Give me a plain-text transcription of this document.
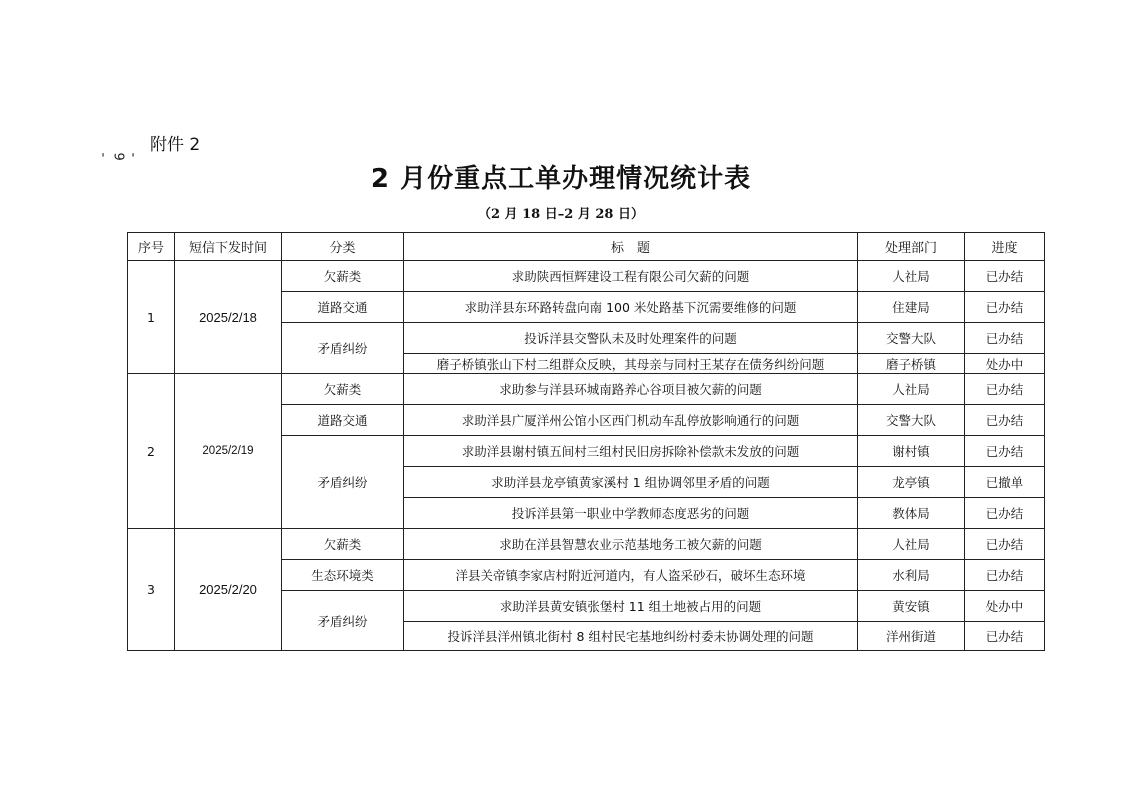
- 9 -
附件 2
2 月份重点工单办理情况统计表
（2 月 18 日–2 月 28 日）
序号	短信下发时间	分类	标　题	处理部门	进度
1	2025/2/18	欠薪类	求助陕西恒辉建设工程有限公司欠薪的问题	人社局	已办结
		道路交通	求助洋县东环路转盘向南 100 米处路基下沉需要维修的问题	住建局	已办结
		矛盾纠纷	投诉洋县交警队未及时处理案件的问题	交警大队	已办结
			磨子桥镇张山下村二组群众反映，其母亲与同村王某存在债务纠纷问题	磨子桥镇	处办中
2	2025/2/19	欠薪类	求助参与洋县环城南路养心谷项目被欠薪的问题	人社局	已办结
		道路交通	求助洋县广厦洋州公馆小区西门机动车乱停放影响通行的问题	交警大队	已办结
		矛盾纠纷	求助洋县谢村镇五间村三组村民旧房拆除补偿款未发放的问题	谢村镇	已办结
			求助洋县龙亭镇黄家溪村 1 组协调邻里矛盾的问题	龙亭镇	已撤单
			投诉洋县第一职业中学教师态度恶劣的问题	教体局	已办结
3	2025/2/20	欠薪类	求助在洋县智慧农业示范基地务工被欠薪的问题	人社局	已办结
		生态环境类	洋县关帝镇李家店村附近河道内，有人盗采砂石，破坏生态环境	水利局	已办结
		矛盾纠纷	求助洋县黄安镇张堡村 11 组土地被占用的问题	黄安镇	处办中
			投诉洋县洋州镇北街村 8 组村民宅基地纠纷村委未协调处理的问题	洋州街道	已办结
